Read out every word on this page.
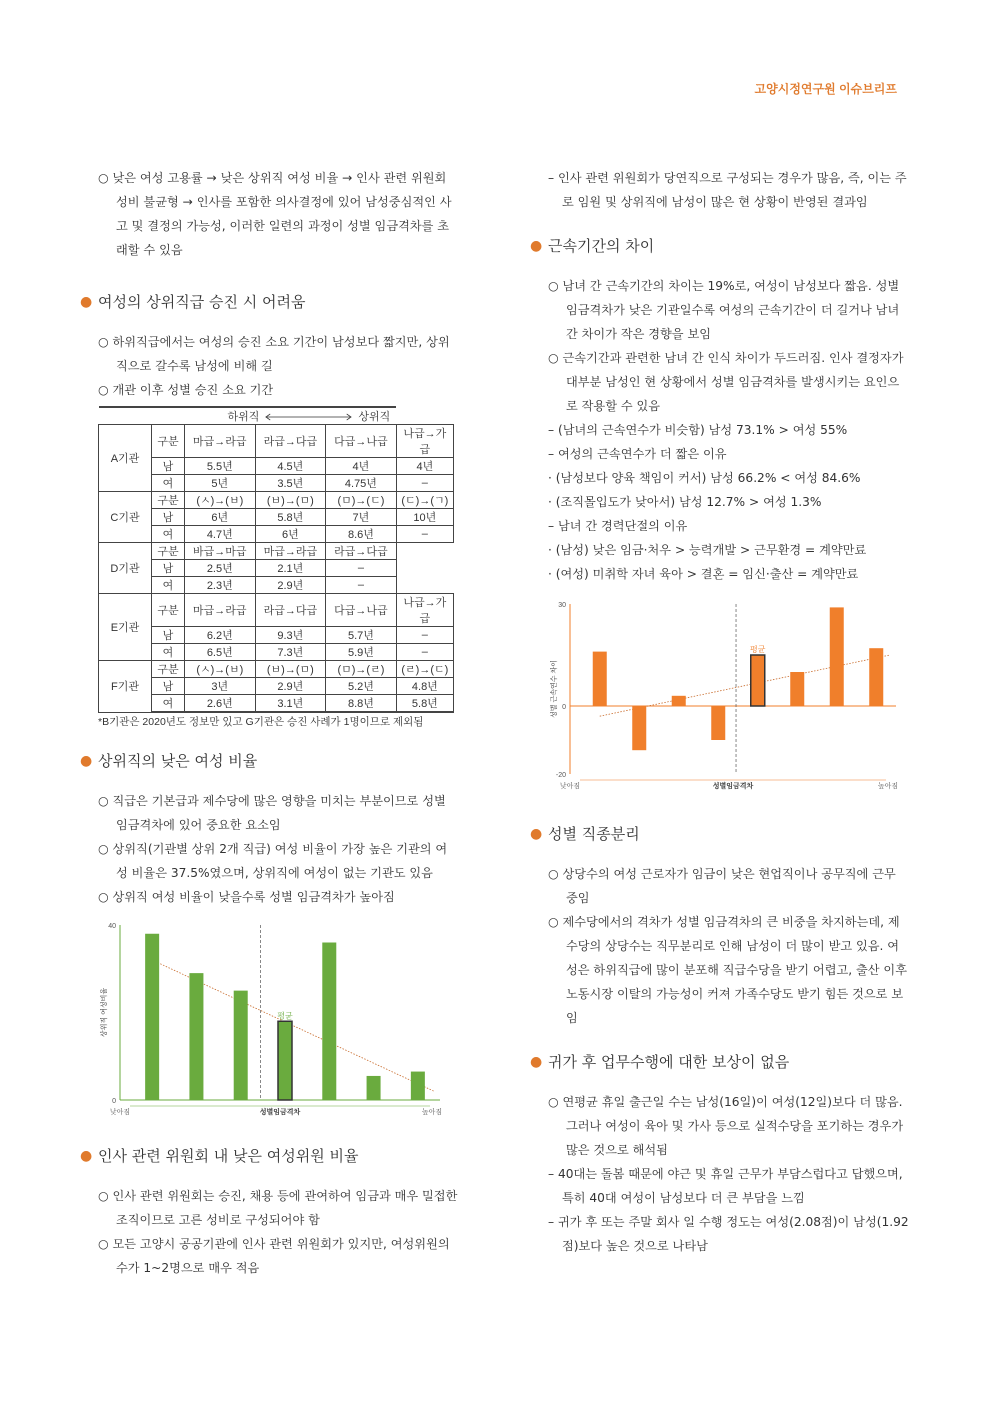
고양시정연구원 이슈브리프

○ 낮은 여성 고용률 → 낮은 상위직 여성 비율 → 인사 관련 위원회 성비 불균형 → 인사를 포함한 의사결정에 있어 남성중심적인 사고 및 결정의 가능성, 이러한 일련의 과정이 성별 임금격차를 초래할 수 있음

● 여성의 상위직급 승진 시 어려움

○ 하위직급에서는 여성의 승진 소요 기간이 남성보다 짧지만, 상위직으로 갈수록 남성에 비해 길

○ 개관 이후 성별 승진 소요 기간

	하위직 상위직				

A기관	구분	마급→라급	라급→다급	다급→나급	나급→가급
	남	5.5년	4.5년	4년	4년
	여	5년	3.5년	4.75년	–
C기관	구분	(ㅅ)→(ㅂ)	(ㅂ)→(ㅁ)	(ㅁ)→(ㄷ)	(ㄷ)→(ㄱ)
	남	6년	5.8년	7년	10년
	여	4.7년	6년	8.6년	–
D기관	구분	바급→마급	마급→라급	라급→다급	
	남	2.5년	2.1년	–	
	여	2.3년	2.9년	–	
E기관	구분	마급→라급	라급→다급	다급→나급	나급→가급
	남	6.2년	9.3년	5.7년	–
	여	6.5년	7.3년	5.9년	–
F기관	구분	(ㅅ)→(ㅂ)	(ㅂ)→(ㅁ)	(ㅁ)→(ㄹ)	(ㄹ)→(ㄷ)
	남	3년	2.9년	5.2년	4.8년
	여	2.6년	3.1년	8.8년	5.8년

*B기관은 2020년도 정보만 있고 G기관은 승진 사례가 1명이므로 제외됨

● 상위직의 낮은 여성 비율

○ 직급은 기본급과 제수당에 많은 영향을 미치는 부분이므로 성별 임금격차에 있어 중요한 요소임

○ 상위직(기관별 상위 2개 직급) 여성 비율이 가장 높은 기관의 여성 비율은 37.5%였으며, 상위직에 여성이 없는 기관도 있음

○ 상위직 여성 비율이 낮을수록 성별 임금격차가 높아짐

40
0
상위직 여성비율
성별임금격차
낮아짐	높아짐
평균

● 인사 관련 위원회 내 낮은 여성위원 비율

○ 인사 관련 위원회는 승진, 채용 등에 관여하여 임금과 매우 밀접한 조직이므로 고른 성비로 구성되어야 함

○ 모든 고양시 공공기관에 인사 관련 위원회가 있지만, 여성위원의 수가 1~2명으로 매우 적음

– 인사 관련 위원회가 당연직으로 구성되는 경우가 많음, 즉, 이는 주로 임원 및 상위직에 남성이 많은 현 상황이 반영된 결과임

● 근속기간의 차이

○ 남녀 간 근속기간의 차이는 19%로, 여성이 남성보다 짧음. 성별 임금격차가 낮은 기관일수록 여성의 근속기간이 더 길거나 남녀 간 차이가 작은 경향을 보임

○ 근속기간과 관련한 남녀 간 인식 차이가 두드러짐. 인사 결정자가 대부분 남성인 현 상황에서 성별 임금격차를 발생시키는 요인으로 작용할 수 있음

– (남녀의 근속연수가 비슷함) 남성 73.1% > 여성 55%

– 여성의 근속연수가 더 짧은 이유

· (남성보다 양육 책임이 커서) 남성 66.2% < 여성 84.6%

· (조직몰입도가 낮아서) 남성 12.7% > 여성 1.3%

– 남녀 간 경력단절의 이유

· (남성) 낮은 임금·처우 > 능력개발 > 근무환경 = 계약만료

· (여성) 미취학 자녀 육아 > 결혼 = 임신·출산 = 계약만료

30
0
-20
성별 근속연수 차이
성별임금격차
낮아짐	높아짐
평균

● 성별 직종분리

○ 상당수의 여성 근로자가 임금이 낮은 현업직이나 공무직에 근무 중임

○ 제수당에서의 격차가 성별 임금격차의 큰 비중을 차지하는데, 제수당의 상당수는 직무분리로 인해 남성이 더 많이 받고 있음. 여성은 하위직급에 많이 분포해 직급수당을 받기 어렵고, 출산 이후 노동시장 이탈의 가능성이 커져 가족수당도 받기 힘든 것으로 보임

● 귀가 후 업무수행에 대한 보상이 없음

○ 연평균 휴일 출근일 수는 남성(16일)이 여성(12일)보다 더 많음. 그러나 여성이 육아 및 가사 등으로 실적수당을 포기하는 경우가 많은 것으로 해석됨

– 40대는 돌봄 때문에 야근 및 휴일 근무가 부담스럽다고 답했으며, 특히 40대 여성이 남성보다 더 큰 부담을 느낌

– 귀가 후 또는 주말 회사 일 수행 정도는 여성(2.08점)이 남성(1.92점)보다 높은 것으로 나타남
